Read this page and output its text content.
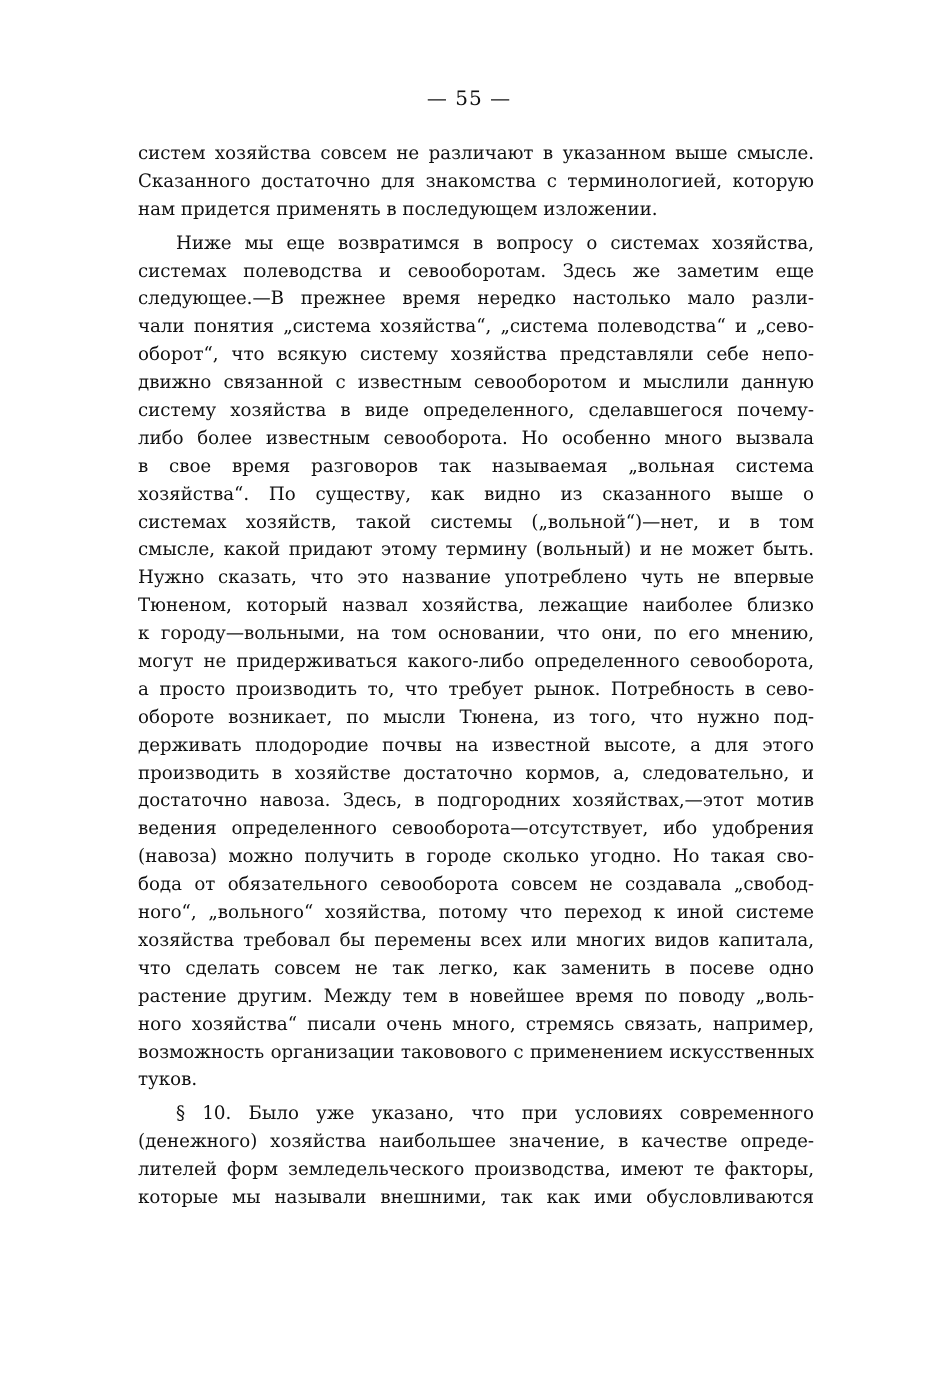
— 55 —
систем хозяйства совсем не различают в указанном выше смысле.
Сказанного достаточно для знакомства с терминологией, которую
нам придется применять в последующем изложении.
Ниже мы еще возвратимся в вопросу о системах хозяйства,
системах полеводства и севооборотам. Здесь же заметим еще
следующее.—В прежнее время нередко настолько мало разли-
чали понятия „система хозяйства“, „система полеводства“ и „сево-
оборот“, что всякую систему хозяйства представляли себе непо-
движно связанной с известным севооборотом и мыслили данную
систему хозяйства в виде определенного, сделавшегося почему-
либо более известным севооборота. Но особенно много вызвала
в свое время разговоров так называемая „вольная система
хозяйства“. По существу, как видно из сказанного выше о
системах хозяйств, такой системы („вольной“)—нет, и в том
смысле, какой придают этому термину (вольный) и не может быть.
Нужно сказать, что это название употреблено чуть не впервые
Тюненом, который назвал хозяйства, лежащие наиболее близко
к городу—вольными, на том основании, что они, по его мнению,
могут не придерживаться какого-либо определенного севооборота,
а просто производить то, что требует рынок. Потребность в сево-
обороте возникает, по мысли Тюнена, из того, что нужно под-
держивать плодородие почвы на известной высоте, а для этого
производить в хозяйстве достаточно кормов, а, следовательно, и
достаточно навоза. Здесь, в подгородних хозяйствах,—этот мотив
ведения определенного севооборота—отсутствует, ибо удобрения
(навоза) можно получить в городе сколько угодно. Но такая сво-
бода от обязательного севооборота совсем не создавала „свобод-
ного“, „вольного“ хозяйства, потому что переход к иной системе
хозяйства требовал бы перемены всех или многих видов капитала,
что сделать совсем не так легко, как заменить в посеве одно
растение другим. Между тем в новейшее время по поводу „воль-
ного хозяйства“ писали очень много, стремясь связать, например,
возможность организации таковового с применением искусственных
туков.
§ 10. Было уже указано, что при условиях современного
(денежного) хозяйства наибольшее значение, в качестве опреде-
лителей форм земледельческого производства, имеют те факторы,
которые мы называли внешними, так как ими обусловливаются
